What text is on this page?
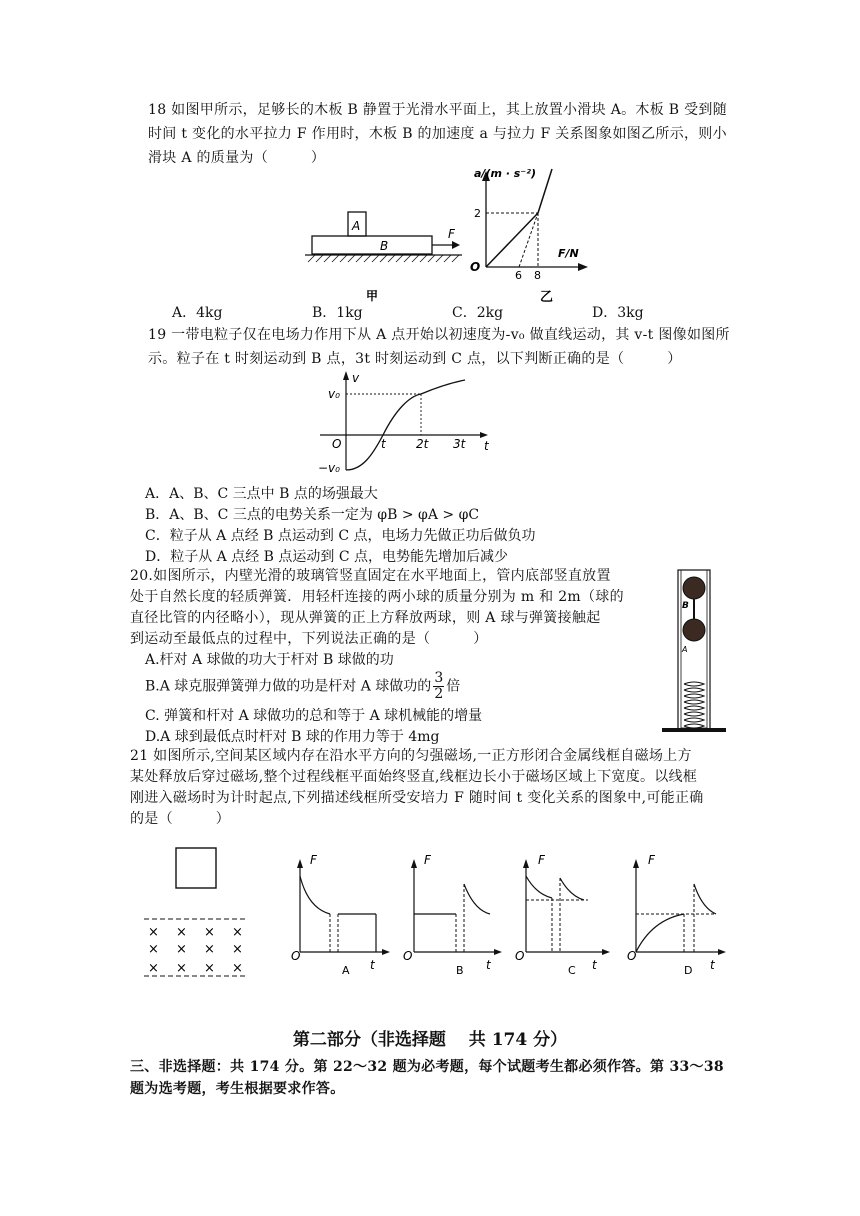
18 如图甲所示，足够长的木板 B 静置于光滑水平面上，其上放置小滑块 A。木板 B 受到随
时间 t 变化的水平拉力 F 作用时，木板 B 的加速度 a 与拉力 F 关系图象如图乙所示，则小
滑块 A 的质量为（　　　）
A
B
F
甲
a/(m · s⁻²)
F/N
O
2
6 8
乙
A．4kg	B．1kg	C．2kg	D．3kg
19 一带电粒子仅在电场力作用下从 A 点开始以初速度为-v₀ 做直线运动，其 v-t 图像如图所
示。粒子在 t 时刻运动到 B 点，3t 时刻运动到 C 点，以下判断正确的是（　　　）
v
t
O
v₀
−v₀
t	2t 3t
A．A、B、C 三点中 B 点的场强最大
B．A、B、C 三点的电势关系一定为 φB > φA > φC
C．粒子从 A 点经 B 点运动到 C 点，电场力先做正功后做负功
D．粒子从 A 点经 B 点运动到 C 点，电势能先增加后减少
20.如图所示，内壁光滑的玻璃管竖直固定在水平地面上，管内底部竖直放置
处于自然长度的轻质弹簧．用轻杆连接的两小球的质量分别为 m 和 2m（球的
直径比管的内径略小），现从弹簧的正上方释放两球，则 A 球与弹簧接触起
到运动至最低点的过程中，下列说法正确的是（　　　）
A.杆对 A 球做的功大于杆对 B 球做的功
B.A 球克服弹簧弹力做的功是杆对 A 球做功的 $\frac{3}{2}$ 倍
C. 弹簧和杆对 A 球做功的总和等于 A 球机械能的增量
D.A 球到最低点时杆对 B 球的作用力等于 4mg
B
A
21 如图所示,空间某区域内存在沿水平方向的匀强磁场,一正方形闭合金属线框自磁场上方
某处释放后穿过磁场,整个过程线框平面始终竖直,线框边长小于磁场区域上下宽度。以线框
刚进入磁场时为计时起点,下列描述线框所受安培力 F 随时间 t 变化关系的图象中,可能正确
的是（　　　）
× × × ×
× × × ×
× × × ×
F
t
O
A
F
t
O
B
F
t
O
C
F
t
O
D
第二部分（非选择题　 共 174 分）
三、非选择题：共 174 分。第 22～32 题为必考题，每个试题考生都必须作答。第 33～38
题为选考题，考生根据要求作答。
